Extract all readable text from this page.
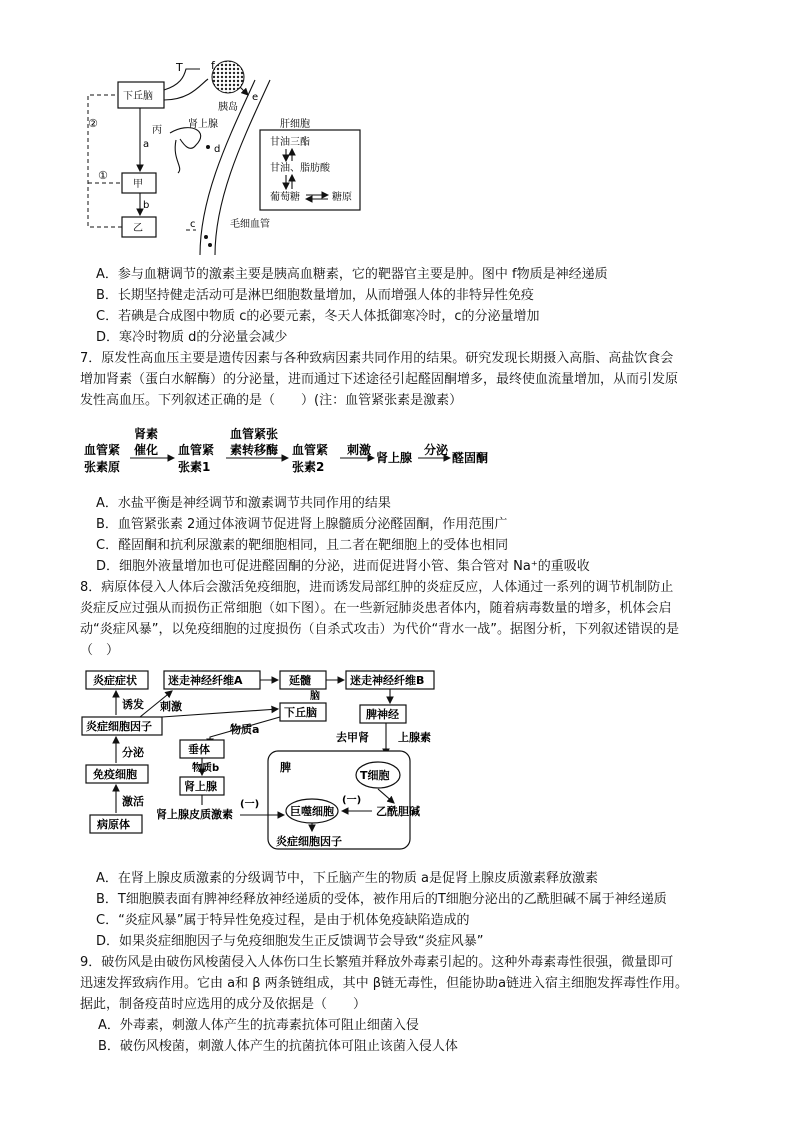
下丘脑
甲
乙
a
b
②
①
T	f
胰岛
e
肾上腺
丙
d
c	毛细血管
肝细胞
甘油三酯
甘油、脂肪酸
葡萄糖	糖原
A．参与血糖调节的激素主要是胰高血糖素，它的靶器官主要是肿。图中 f物质是神经递质
B．长期坚持健走活动可是淋巴细胞数量增加，从而增强人体的非特异性免疫
C．若碘是合成图中物质 c的必要元素，冬天人体抵御寒冷时，c的分泌量增加
D．寒冷时物质 d的分泌量会减少
7．原发性高血压主要是遗传因素与各种致病因素共同作用的结果。研究发现长期摄入高脂、高盐饮食会
增加肾素（蛋白水解酶）的分泌量，进而通过下述途径引起醛固酮增多，最终使血流量增加，从而引发原
发性高血压。下列叙述正确的是（　　）(注：血管紧张素是激素）
血管紧
张素原
肾素
催化 血管紧
张素1
血管紧张
素转移酶 血管紧
张素2
刺激
肾上腺
分泌
醛固酮
A．水盐平衡是神经调节和激素调节共同作用的结果
B．血管紧张素 2通过体液调节促进肾上腺髓质分泌醛固酮，作用范围广
C．醛固酮和抗利尿激素的靶细胞相同，且二者在靶细胞上的受体也相同
D．细胞外液量增加也可促进醛固酮的分泌，进而促进肾小管、集合管对 Na⁺的重吸收
8．病原体侵入人体后会激活免疫细胞，进而诱发局部红肿的炎症反应，人体通过一系列的调节机制防止
炎症反应过强从而损伤正常细胞（如下图）。在一些新冠肺炎患者体内，随着病毒数量的增多，机体会启
动“炎症风暴”，以免疫细胞的过度损伤（自杀式攻击）为代价“背水一战”。据图分析，下列叙述错误的是
（　）
炎症症状
炎症细胞因子
免疫细胞
病原体
诱发
分泌
激活
迷走神经纤维A
刺激
延髓
脑
下丘脑
迷走神经纤维B
脾神经
物质a
垂体
物质b
肾上腺
肾上腺皮质激素
去甲肾	上腺素
脾
T细胞
巨噬细胞	乙酰胆碱
(一)	(一)
炎症细胞因子
A．在肾上腺皮质激素的分级调节中，下丘脑产生的物质 a是促肾上腺皮质激素释放激素
B．T细胞膜表面有脾神经释放神经递质的受体，被作用后的T细胞分泌出的乙酰胆碱不属于神经递质
C．“炎症风暴”属于特异性免疫过程，是由于机体免疫缺陷造成的
D．如果炎症细胞因子与免疫细胞发生正反馈调节会导致“炎症风暴”
9．破伤风是由破伤风梭菌侵入人体伤口生长繁殖并释放外毒素引起的。这种外毒素毒性很强，微量即可
迅速发挥致病作用。它由 a和 β 两条链组成，其中 β链无毒性，但能协助a链进入宿主细胞发挥毒性作用。
据此，制备疫苗时应选用的成分及依据是（　　）
A．外毒素，刺激人体产生的抗毒素抗体可阻止细菌入侵
B．破伤风梭菌，刺激人体产生的抗菌抗体可阻止该菌入侵人体
